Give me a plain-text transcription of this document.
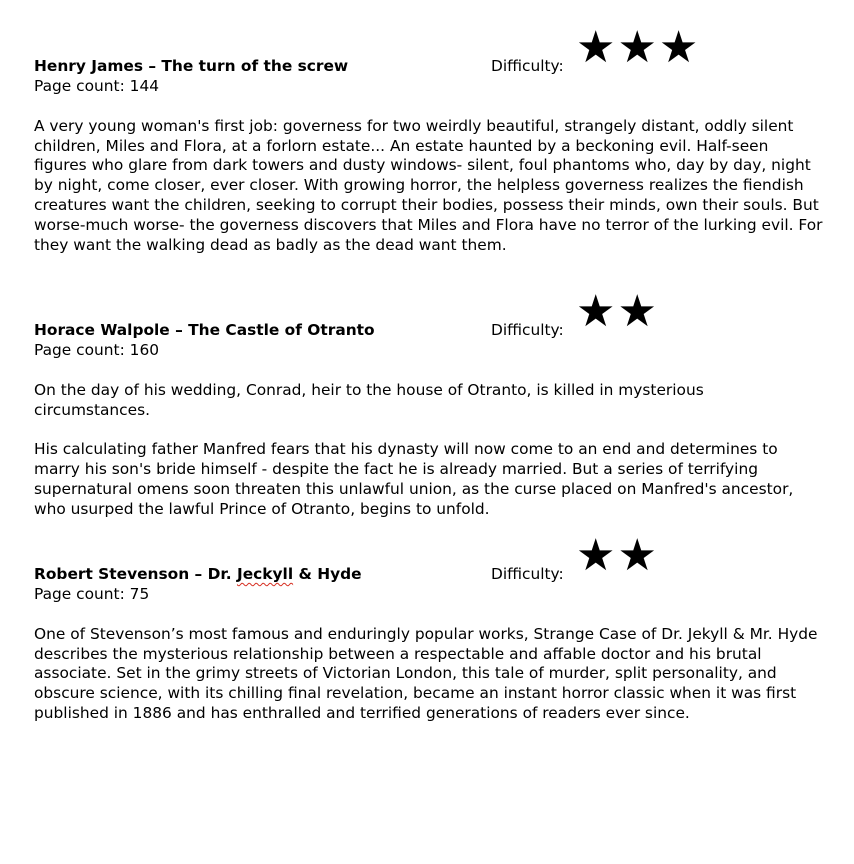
Henry James – The turn of the screw	Difficulty: ★★★
Page count: 144

A very young woman's first job: governess for two weirdly beautiful, strangely distant, oddly silent children, Miles and Flora, at a forlorn estate... An estate haunted by a beckoning evil. Half-seen figures who glare from dark towers and dusty windows- silent, foul phantoms who, day by day, night by night, come closer, ever closer. With growing horror, the helpless governess realizes the fiendish creatures want the children, seeking to corrupt their bodies, possess their minds, own their souls. But worse-much worse- the governess discovers that Miles and Flora have no terror of the lurking evil. For they want the walking dead as badly as the dead want them.

Horace Walpole – The Castle of Otranto	Difficulty: ★★
Page count: 160

On the day of his wedding, Conrad, heir to the house of Otranto, is killed in mysterious circumstances.

His calculating father Manfred fears that his dynasty will now come to an end and determines to marry his son's bride himself - despite the fact he is already married. But a series of terrifying supernatural omens soon threaten this unlawful union, as the curse placed on Manfred's ancestor, who usurped the lawful Prince of Otranto, begins to unfold.

Robert Stevenson – Dr. Jeckyll & Hyde	Difficulty: ★★
Page count: 75

One of Stevenson’s most famous and enduringly popular works, Strange Case of Dr. Jekyll & Mr. Hyde describes the mysterious relationship between a respectable and affable doctor and his brutal associate. Set in the grimy streets of Victorian London, this tale of murder, split personality, and obscure science, with its chilling final revelation, became an instant horror classic when it was first published in 1886 and has enthralled and terrified generations of readers ever since.
